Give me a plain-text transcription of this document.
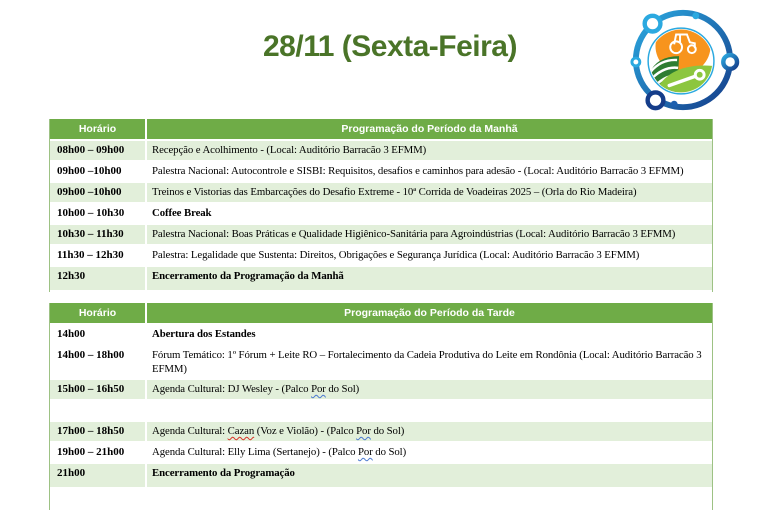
28/11 (Sexta-Feira)
Horário	Programação do Período da Manhã
08h00 – 09h00	Recepção e Acolhimento - (Local: Auditório Barracão 3 EFMM)
09h00 –10h00	Palestra Nacional: Autocontrole e SISBI: Requisitos, desafios e caminhos para adesão - (Local: Auditório Barracão 3 EFMM)
09h00 –10h00	Treinos e Vistorias das Embarcações do Desafio Extreme - 10ª Corrida de Voadeiras 2025 – (Orla do Rio Madeira)
10h00 – 10h30	Coffee Break
10h30 – 11h30	Palestra Nacional: Boas Práticas e Qualidade Higiênico-Sanitária para Agroindústrias (Local: Auditório Barracão 3 EFMM)
11h30 – 12h30	Palestra: Legalidade que Sustenta: Direitos, Obrigações e Segurança Jurídica (Local: Auditório Barracão 3 EFMM)
12h30	Encerramento da Programação da Manhã
Horário	Programação do Período da Tarde
14h00	Abertura dos Estandes
14h00 – 18h00	Fórum Temático: 1º Fórum + Leite RO – Fortalecimento da Cadeia Produtiva do Leite em Rondônia (Local: Auditório Barracão 3 EFMM)
15h00 – 16h50	Agenda Cultural: DJ Wesley - (Palco Por do Sol)
17h00 – 18h50	Agenda Cultural: Cazan (Voz e Violão) - (Palco Por do Sol)
19h00 – 21h00	Agenda Cultural: Elly Lima (Sertanejo) - (Palco Por do Sol)
21h00	Encerramento da Programação
